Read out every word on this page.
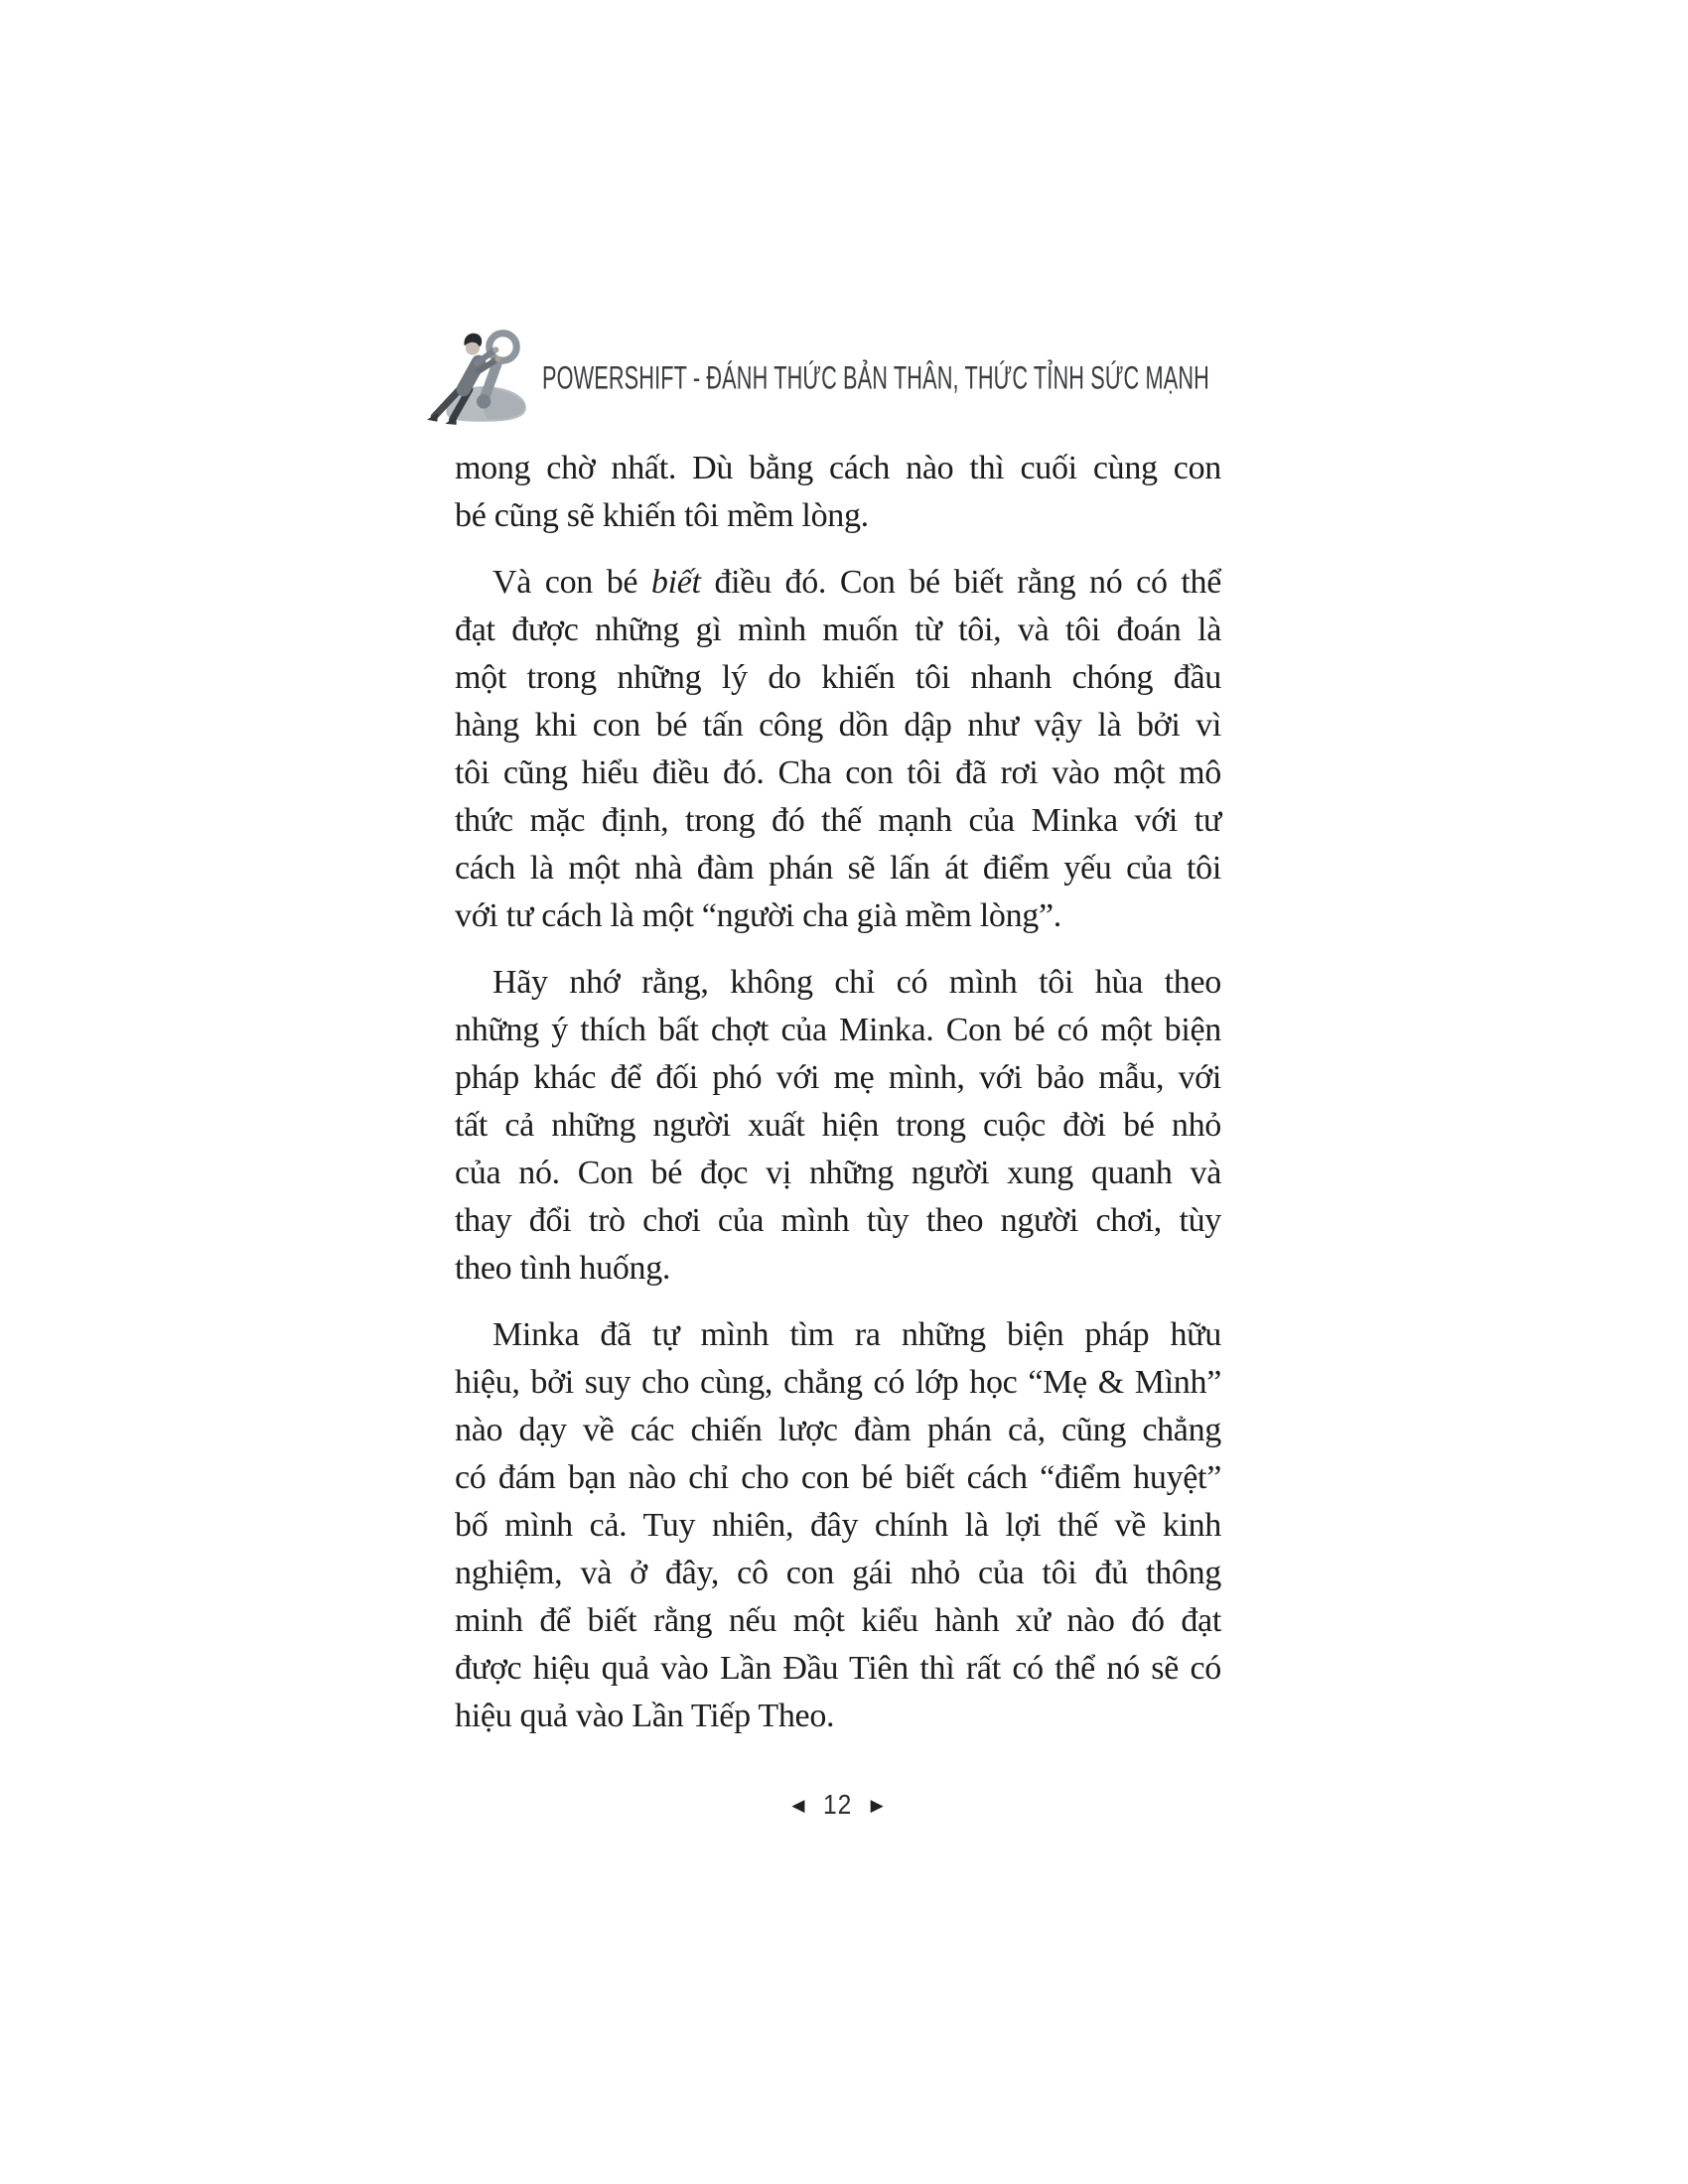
POWERSHIFT - ĐÁNH THỨC BẢN THÂN, THỨC TỈNH SỨC MẠNH
mong chờ nhất. Dù bằng cách nào thì cuối cùng con
bé cũng sẽ khiến tôi mềm lòng.
Và con bé biết điều đó. Con bé biết rằng nó có thể
đạt được những gì mình muốn từ tôi, và tôi đoán là
một trong những lý do khiến tôi nhanh chóng đầu
hàng khi con bé tấn công dồn dập như vậy là bởi vì
tôi cũng hiểu điều đó. Cha con tôi đã rơi vào một mô
thức mặc định, trong đó thế mạnh của Minka với tư
cách là một nhà đàm phán sẽ lấn át điểm yếu của tôi
với tư cách là một “người cha già mềm lòng”.
Hãy nhớ rằng, không chỉ có mình tôi hùa theo
những ý thích bất chợt của Minka. Con bé có một biện
pháp khác để đối phó với mẹ mình, với bảo mẫu, với
tất cả những người xuất hiện trong cuộc đời bé nhỏ
của nó. Con bé đọc vị những người xung quanh và
thay đổi trò chơi của mình tùy theo người chơi, tùy
theo tình huống.
Minka đã tự mình tìm ra những biện pháp hữu
hiệu, bởi suy cho cùng, chẳng có lớp học “Mẹ & Mình”
nào dạy về các chiến lược đàm phán cả, cũng chẳng
có đám bạn nào chỉ cho con bé biết cách “điểm huyệt”
bố mình cả. Tuy nhiên, đây chính là lợi thế về kinh
nghiệm, và ở đây, cô con gái nhỏ của tôi đủ thông
minh để biết rằng nếu một kiểu hành xử nào đó đạt
được hiệu quả vào Lần Đầu Tiên thì rất có thể nó sẽ có
hiệu quả vào Lần Tiếp Theo.
◀ 12 ▶
